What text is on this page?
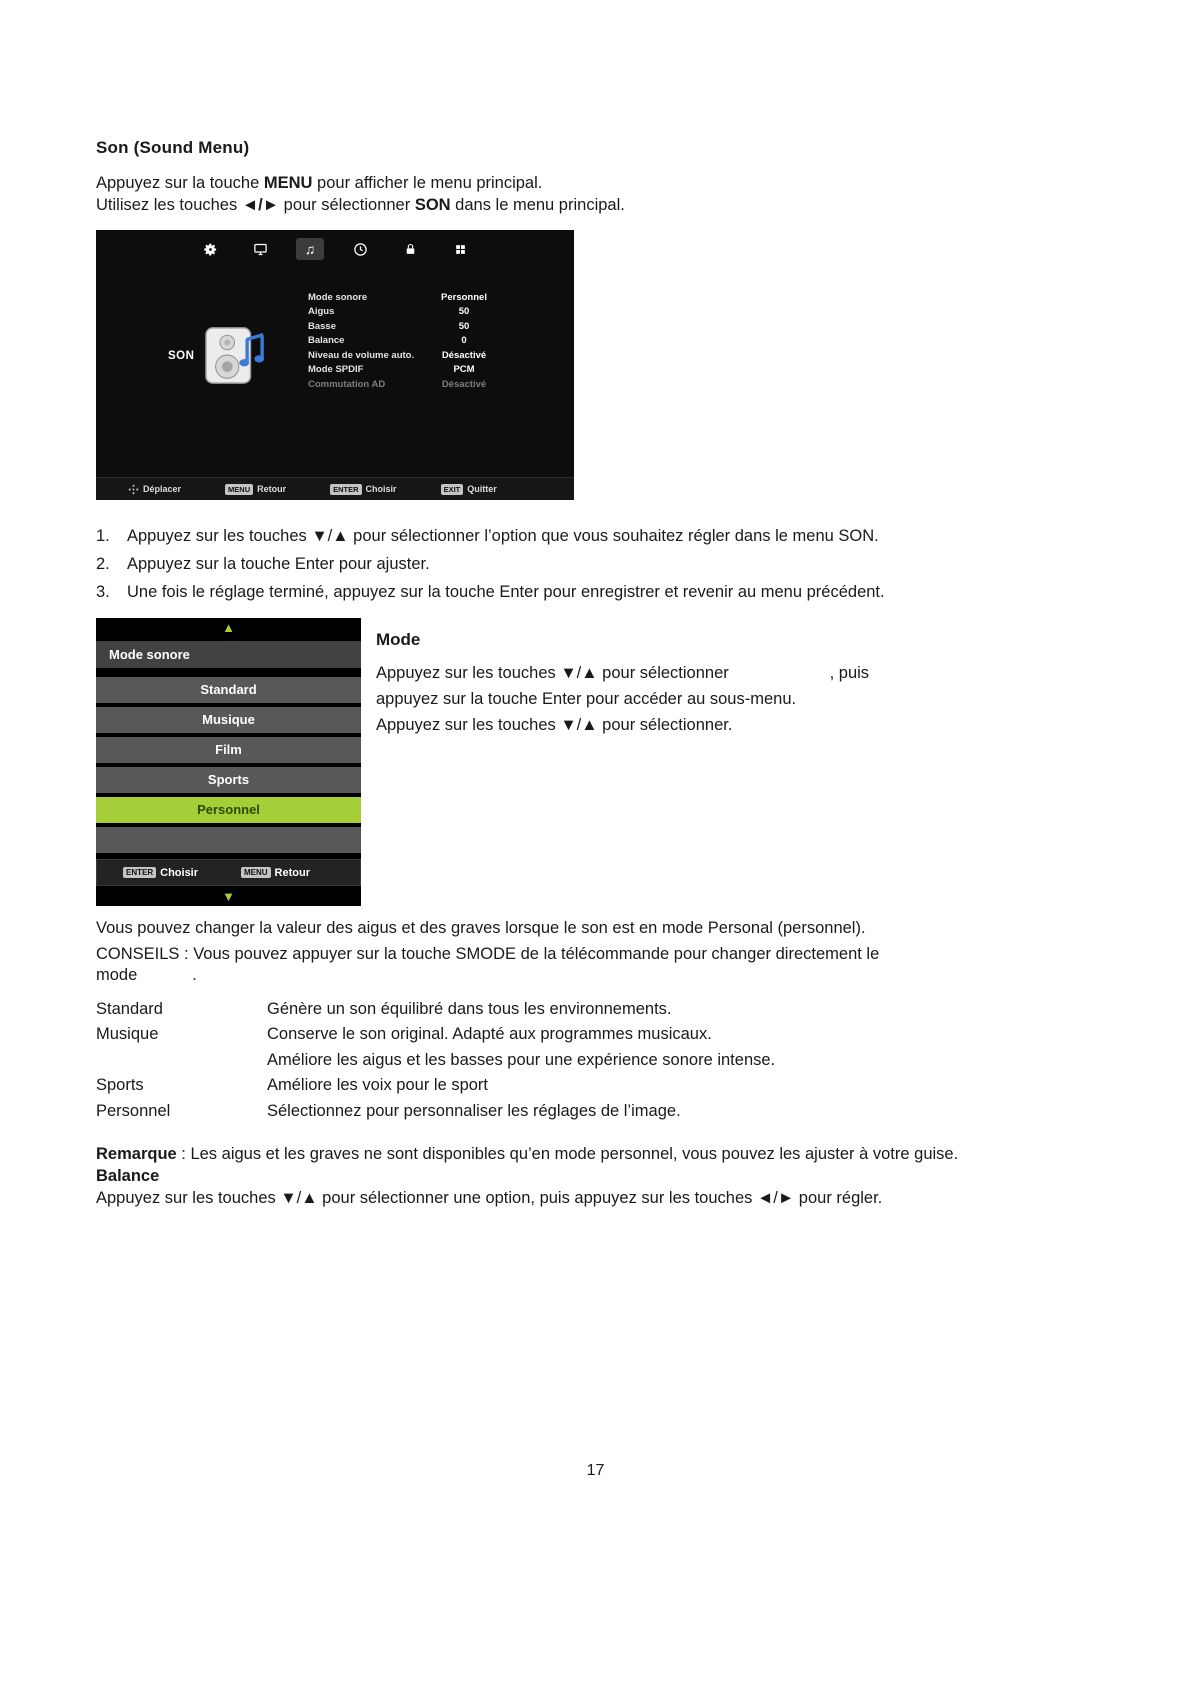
Son (Sound Menu)
Appuyez sur la touche MENU pour afficher le menu principal.
Utilisez les touches ◄/► pour sélectionner SON dans le menu principal.
♫
SON
Mode sonore	Personnel
Aigus	50
Basse	50
Balance	0
Niveau de volume auto.	Désactivé
Mode SPDIF	PCM
Commutation AD	Désactivé
Déplacer	MENU Retour	ENTER Choisir	EXIT Quitter
1.	Appuyez sur les touches ▼/▲ pour sélectionner l’option que vous souhaitez régler dans le menu SON.
2.	Appuyez sur la touche Enter pour ajuster.
3.	Une fois le réglage terminé, appuyez sur la touche Enter pour enregistrer et revenir au menu précédent.
▲
Mode sonore
Standard
Musique
Film
Sports
Personnel
ENTER Choisir	MENU Retour
▼
Mode
Appuyez sur les touches ▼/▲ pour sélectionner                      , puis
appuyez sur la touche Enter pour accéder au sous-menu.
Appuyez sur les touches ▼/▲ pour sélectionner.
Vous pouvez changer la valeur des aigus et des graves lorsque le son est en mode Personal (personnel).
CONSEILS : Vous pouvez appuyer sur la touche SMODE de la télécommande pour changer directement le
mode            .
Standard	Génère un son équilibré dans tous les environnements.
Musique	Conserve le son original. Adapté aux programmes musicaux.
Améliore les aigus et les basses pour une expérience sonore intense.
Sports	Améliore les voix pour le sport
Personnel	Sélectionnez pour personnaliser les réglages de l’image.
Remarque : Les aigus et les graves ne sont disponibles qu’en mode personnel, vous pouvez les ajuster à votre guise.
Balance
Appuyez sur les touches ▼/▲ pour sélectionner une option, puis appuyez sur les touches ◄/► pour régler.
17
